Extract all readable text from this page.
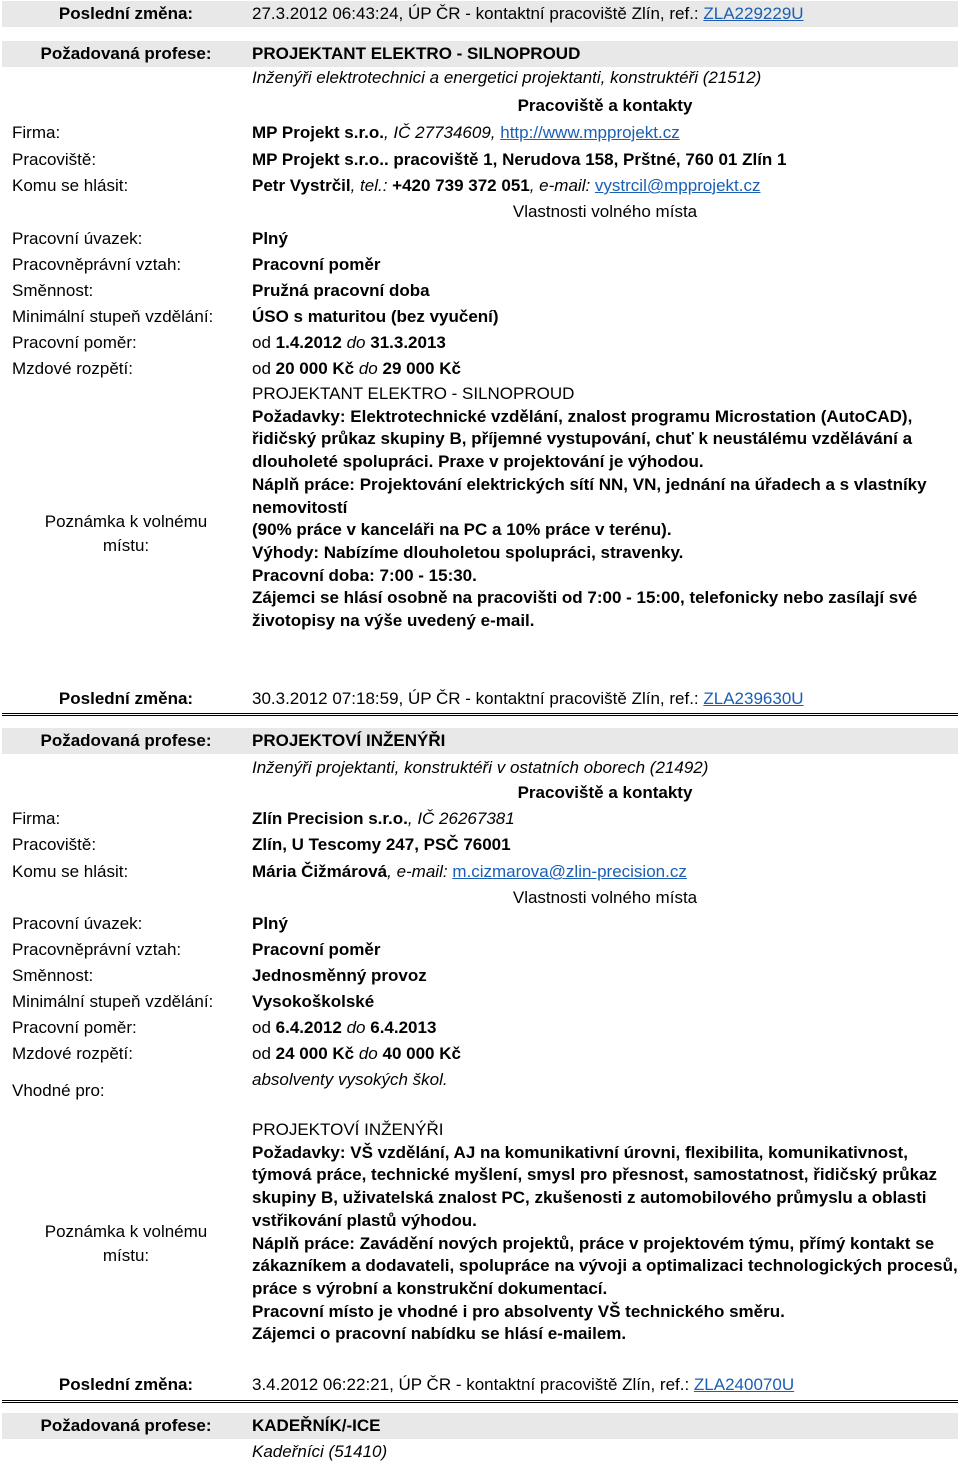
Poslední změna:	27.3.2012 06:43:24, ÚP ČR - kontaktní pracoviště Zlín, ref.: ZLA229229U
Požadovaná profese:	PROJEKTANT ELEKTRO - SILNOPROUD
Inženýři elektrotechnici a energetici projektanti, konstruktéři (21512)
Pracoviště a kontakty
Firma:	MP Projekt s.r.o., IČ 27734609, http://www.mpprojekt.cz
Pracoviště:	MP Projekt s.r.o.. pracoviště 1, Nerudova 158, Prštné, 760 01 Zlín 1
Komu se hlásit:	Petr Vystrčil, tel.: +420 739 372 051, e-mail: vystrcil@mpprojekt.cz
Vlastnosti volného místa
Pracovní úvazek:	Plný
Pracovněprávní vztah:	Pracovní poměr
Směnnost:	Pružná pracovní doba
Minimální stupeň vzdělání: ÚSO s maturitou (bez vyučení)
Pracovní poměr:	od 1.4.2012 do 31.3.2013
Mzdové rozpětí:	od 20 000 Kč do 29 000 Kč
Poznámka k volnému
místu:
PROJEKTANT ELEKTRO - SILNOPROUD
Požadavky: Elektrotechnické vzdělání, znalost programu Microstation (AutoCAD), řidičský průkaz skupiny B, příjemné vystupování, chuť k neustálému vzdělávání a dlouholeté spolupráci. Praxe v projektování je výhodou.
Náplň práce: Projektování elektrických sítí NN, VN, jednání na úřadech a s vlastníky nemovitostí
(90% práce v kanceláři na PC a 10% práce v terénu).
Výhody: Nabízíme dlouholetou spolupráci, stravenky.
Pracovní doba: 7:00 - 15:30.
Zájemci se hlásí osobně na pracovišti od 7:00 - 15:00, telefonicky nebo zasílají své životopisy na výše uvedený e-mail.
Poslední změna:	30.3.2012 07:18:59, ÚP ČR - kontaktní pracoviště Zlín, ref.: ZLA239630U
Požadovaná profese:	PROJEKTOVÍ INŽENÝŘI
Inženýři projektanti, konstruktéři v ostatních oborech (21492)
Pracoviště a kontakty
Firma:	Zlín Precision s.r.o., IČ 26267381
Pracoviště:	Zlín, U Tescomy 247, PSČ 76001
Komu se hlásit:	Mária Čižmárová, e-mail: m.cizmarova@zlin-precision.cz
Vlastnosti volného místa
Pracovní úvazek:	Plný
Pracovněprávní vztah:	Pracovní poměr
Směnnost:	Jednosměnný provoz
Minimální stupeň vzdělání: Vysokoškolské
Pracovní poměr:	od 6.4.2012 do 6.4.2013
Mzdové rozpětí:	od 24 000 Kč do 40 000 Kč
Vhodné pro:
absolventy vysokých škol.
Poznámka k volnému
místu:
PROJEKTOVÍ INŽENÝŘI
Požadavky: VŠ vzdělání, AJ na komunikativní úrovni, flexibilita, komunikativnost, týmová práce, technické myšlení, smysl pro přesnost, samostatnost, řidičský průkaz skupiny B, uživatelská znalost PC, zkušenosti z automobilového průmyslu a oblasti vstřikování plastů výhodou.
Náplň práce: Zavádění nových projektů, práce v projektovém týmu, přímý kontakt se zákazníkem a dodavateli, spolupráce na vývoji a optimalizaci technologických procesů, práce s výrobní a konstrukční dokumentací.
Pracovní místo je vhodné i pro absolventy VŠ technického směru.
Zájemci o pracovní nabídku se hlásí e-mailem.
Poslední změna:	3.4.2012 06:22:21, ÚP ČR - kontaktní pracoviště Zlín, ref.: ZLA240070U
Požadovaná profese:	KADEŘNÍK/-ICE
Kadeřníci (51410)
